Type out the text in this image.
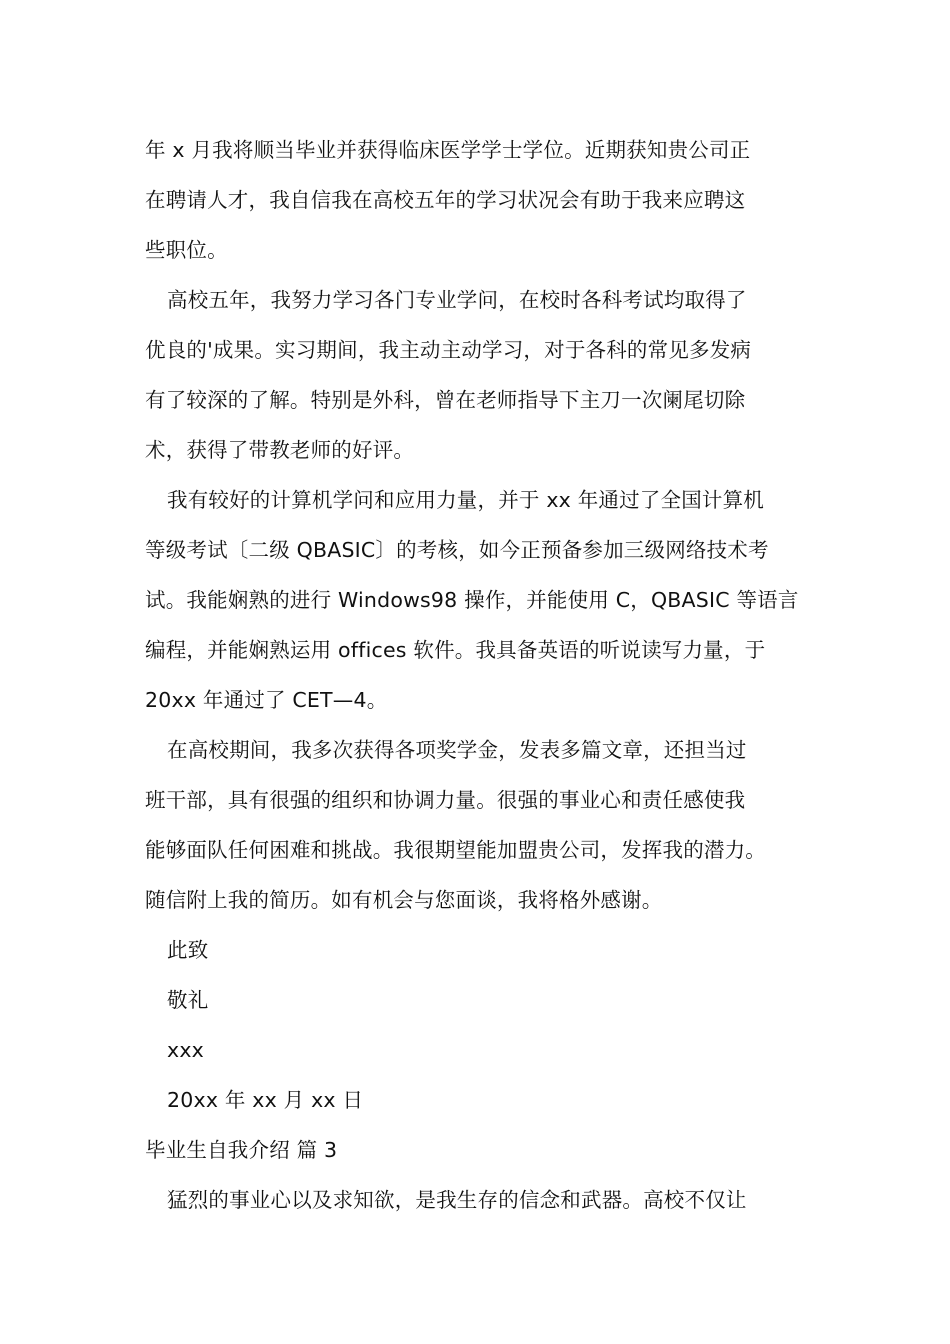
年 x 月我将顺当毕业并获得临床医学学士学位。近期获知贵公司正
在聘请人才，我自信我在高校五年的学习状况会有助于我来应聘这
些职位。
高校五年，我努力学习各门专业学问，在校时各科考试均取得了
优良的'成果。实习期间，我主动主动学习，对于各科的常见多发病
有了较深的了解。特别是外科，曾在老师指导下主刀一次阑尾切除
术，获得了带教老师的好评。
我有较好的计算机学问和应用力量，并于 xx 年通过了全国计算机
等级考试〔二级 QBASIC〕的考核，如今正预备参加三级网络技术考
试。我能娴熟的进行 Windows98 操作，并能使用 C，QBASIC 等语言
编程，并能娴熟运用 offices 软件。我具备英语的听说读写力量，于
20xx 年通过了 CET—4。
在高校期间，我多次获得各项奖学金，发表多篇文章，还担当过
班干部，具有很强的组织和协调力量。很强的事业心和责任感使我
能够面队任何困难和挑战。我很期望能加盟贵公司，发挥我的潜力。
随信附上我的简历。如有机会与您面谈，我将格外感谢。
此致
敬礼
xxx
20xx 年 xx 月 xx 日
毕业生自我介绍 篇 3
猛烈的事业心以及求知欲，是我生存的信念和武器。高校不仅让
